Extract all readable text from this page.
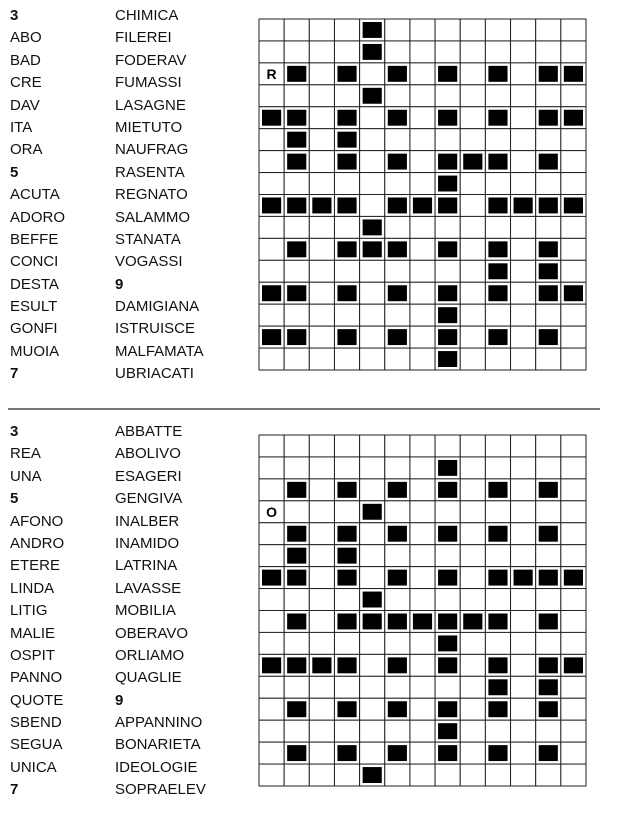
3
ABO
BAD
CRE
DAV
ITA
ORA
5
ACUTA
ADORO
BEFFE
CONCI
DESTA
ESULT
GONFI
MUOIA
7
CHIMICA
FILEREI
FODERAV
FUMASSI
LASAGNE
MIETUTO
NAUFRAG
RASENTA
REGNATO
SALAMMO
STANATA
VOGASSI
9
DAMIGIANA
ISTRUISCE
MALFAMATA
UBRIACATI
R
3
REA
UNA
5
AFONO
ANDRO
ETERE
LINDA
LITIG
MALIE
OSPIT
PANNO
QUOTE
SBEND
SEGUA
UNICA
7
ABBATTE
ABOLIVO
ESAGERI
GENGIVA
INALBER
INAMIDO
LATRINA
LAVASSE
MOBILIA
OBERAVO
ORLIAMO
QUAGLIE
9
APPANNINO
BONARIETA
IDEOLOGIE
SOPRAELEV
O
